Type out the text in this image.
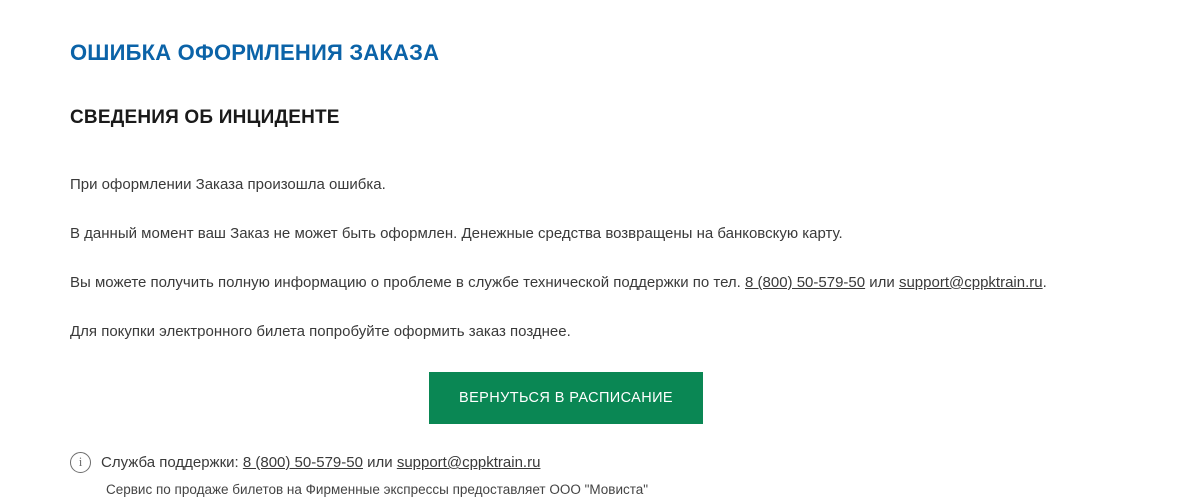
ОШИБКА ОФОРМЛЕНИЯ ЗАКАЗА
СВЕДЕНИЯ ОБ ИНЦИДЕНТЕ

При оформлении Заказа произошла ошибка.

В данный момент ваш Заказ не может быть оформлен. Денежные средства возвращены на банковскую карту.

Вы можете получить полную информацию о проблеме в службе технической поддержки по тел. 8 (800) 50-579-50 или support@cppktrain.ru.

Для покупки электронного билета попробуйте оформить заказ позднее.

ВЕРНУТЬСЯ В РАСПИСАНИЕ
i	Служба поддержки: 8 (800) 50-579-50 или support@cppktrain.ru
Сервис по продаже билетов на Фирменные экспрессы предоставляет ООО "Мовиста"
